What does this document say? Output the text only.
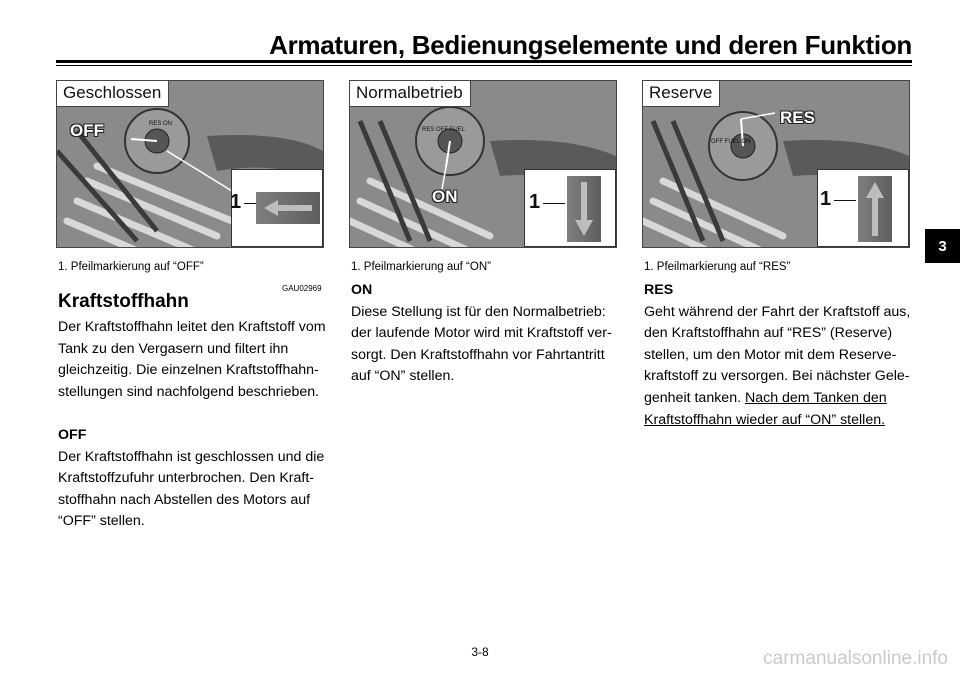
Armaturen, Bedienungselemente und deren Funktion
RES ON
Geschlossen
OFF
1
1. Pfeilmarkierung auf “OFF”
RES OFF FUEL
Normalbetrieb
ON	1
1. Pfeilmarkierung auf “ON”
OFF FUEL ON
Reserve
RES
1
1. Pfeilmarkierung auf “RES”
GAU02969
Kraftstoffhahn
Der Kraftstoffhahn leitet den Kraftstoff vom
Tank zu den Vergasern und filtert ihn
gleichzeitig. Die einzelnen Kraftstoffhahn-
stellungen sind nachfolgend beschrieben.
OFF
Der Kraftstoffhahn ist geschlossen und die
Kraftstoffzufuhr unterbrochen. Den Kraft-
stoffhahn nach Abstellen des Motors auf
“OFF” stellen.
ON
Diese Stellung ist für den Normalbetrieb:
der laufende Motor wird mit Kraftstoff ver-
sorgt. Den Kraftstoffhahn vor Fahrtantritt
auf “ON” stellen.
RES
Geht während der Fahrt der Kraftstoff aus,
den Kraftstoffhahn auf “RES” (Reserve)
stellen, um den Motor mit dem Reserve-
kraftstoff zu versorgen. Bei nächster Gele-
genheit tanken. Nach dem Tanken den
Kraftstoffhahn wieder auf “ON” stellen.
3
3-8	carmanualsonline.info
